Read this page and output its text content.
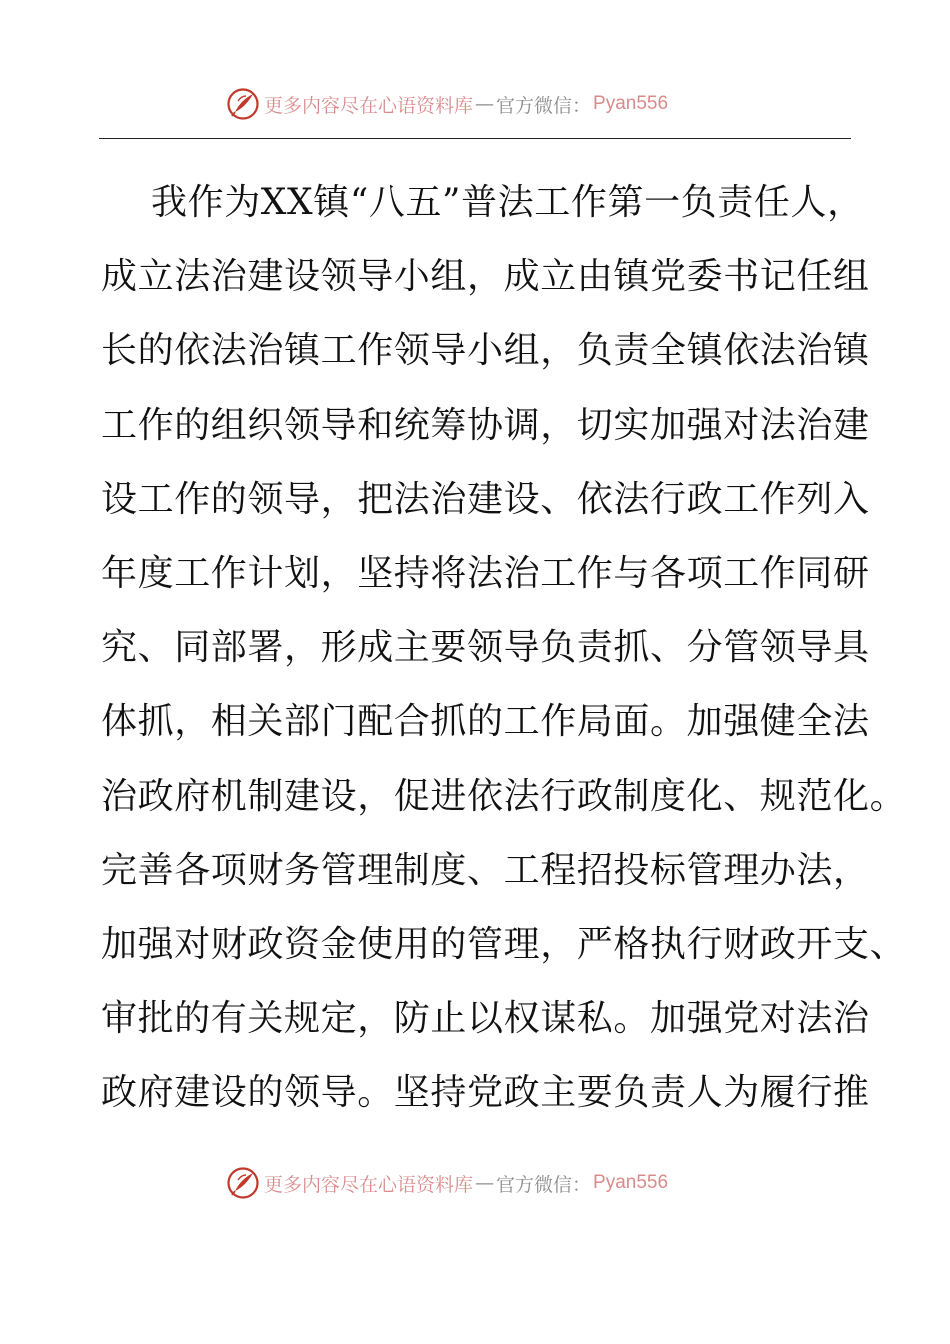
更多内容尽在心语资料库 — 官方微信： Pyan556
我作为XX镇“八五”普法工作第一负责任人，
成立法治建设领导小组，成立由镇党委书记任组
长的依法治镇工作领导小组，负责全镇依法治镇
工作的组织领导和统筹协调，切实加强对法治建
设工作的领导，把法治建设、依法行政工作列入
年度工作计划，坚持将法治工作与各项工作同研
究、同部署，形成主要领导负责抓、分管领导具
体抓，相关部门配合抓的工作局面。加强健全法
治政府机制建设，促进依法行政制度化、规范化。
完善各项财务管理制度、工程招投标管理办法，
加强对财政资金使用的管理，严格执行财政开支、
审批的有关规定，防止以权谋私。加强党对法治
政府建设的领导。坚持党政主要负责人为履行推
更多内容尽在心语资料库 — 官方微信： Pyan556
